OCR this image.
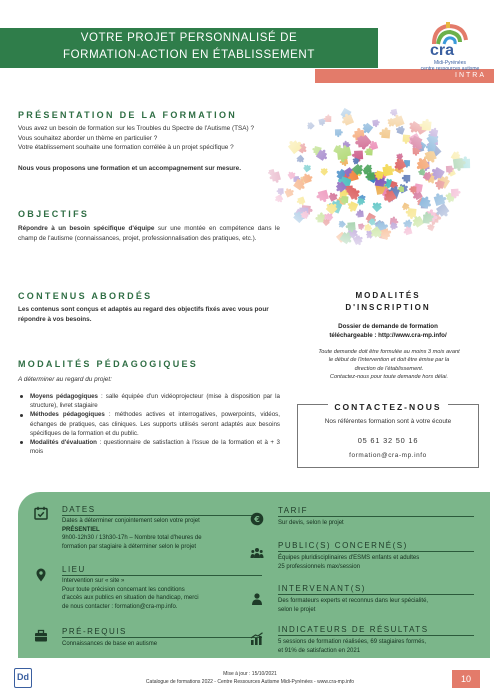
VOTRE PROJET PERSONNALISÉ DE
FORMATION-ACTION EN ÉTABLISSEMENT
INTRA
cra
Midi-Pyrénées
centre ressources autisme
PRÉSENTATION DE LA FORMATION
Vous avez un besoin de formation sur les Troubles du Spectre de l'Autisme (TSA) ?
Vous souhaitez aborder un thème en particulier ?
Votre établissement souhaite une formation corrélée à un projet spécifique ?
Nous vous proposons une formation et un accompagnement sur mesure.
OBJECTIFS
Répondre à un besoin spécifique d'équipe sur une montée en compétence dans le champ de l'autisme (connaissances, projet, professionnalisation des pratiques, etc.).
CONTENUS ABORDÉS
Les contenus sont conçus et adaptés au regard des objectifs fixés avec vous pour répondre à vos besoins.
MODALITÉS
D'INSCRIPTION
Dossier de demande de formation
téléchargeable : http://www.cra-mp.info/
Toute demande doit être formulée au moins 3 mois avant
le début de l'intervention et doit être émise par la
direction de l'établissement.
Contactez-nous pour toute demande hors délai.
MODALITÉS PÉDAGOGIQUES
A déterminer au regard du projet:
Moyens pédagogiques : salle équipée d'un vidéoprojecteur (mise à disposition par la structure), livret stagiaire
Méthodes pédagogiques : méthodes actives et interrogatives, powerpoints, vidéos, échanges de pratiques, cas cliniques. Les supports utilisés seront adaptés aux besoins spécifiques de la formation et du public.
Modalités d'évaluation : questionnaire de satisfaction à l'issue de la formation et à + 3 mois
CONTACTEZ-NOUS
Nos référentes formation sont à votre écoute
05 61 32 50 16
formation@cra-mp.info
DATES
Dates à déterminer conjointement selon votre projet
PRÉSENTIEL
9h00-12h30 / 13h30-17h – Nombre total d'heures de
formation par stagiaire à déterminer selon le projet
LIEU
Intervention sur « site »
Pour toute précision concernant les conditions
d'accès aux publics en situation de handicap, merci
de nous contacter : formation@cra-mp.info.
PRÉ-REQUIS
Connaissances de base en autisme
€
TARIF
Sur devis, selon le projet
PUBLIC(S) CONCERNÉ(S)
Équipes pluridisciplinaires d'ESMS enfants et adultes
25 professionnels max/session
INTERVENANT(S)
Des formateurs experts et reconnus dans leur spécialité,
selon le projet
INDICATEURS DE RÉSULTATS
5 sessions de formation réalisées, 69 stagiaires formés,
et 91% de satisfaction en 2021
Dd	Mise à jour : 15/10/2021
Catalogue de formations 2022 - Centre Ressources Autisme Midi-Pyrénées - www.cra-mp.info	10
